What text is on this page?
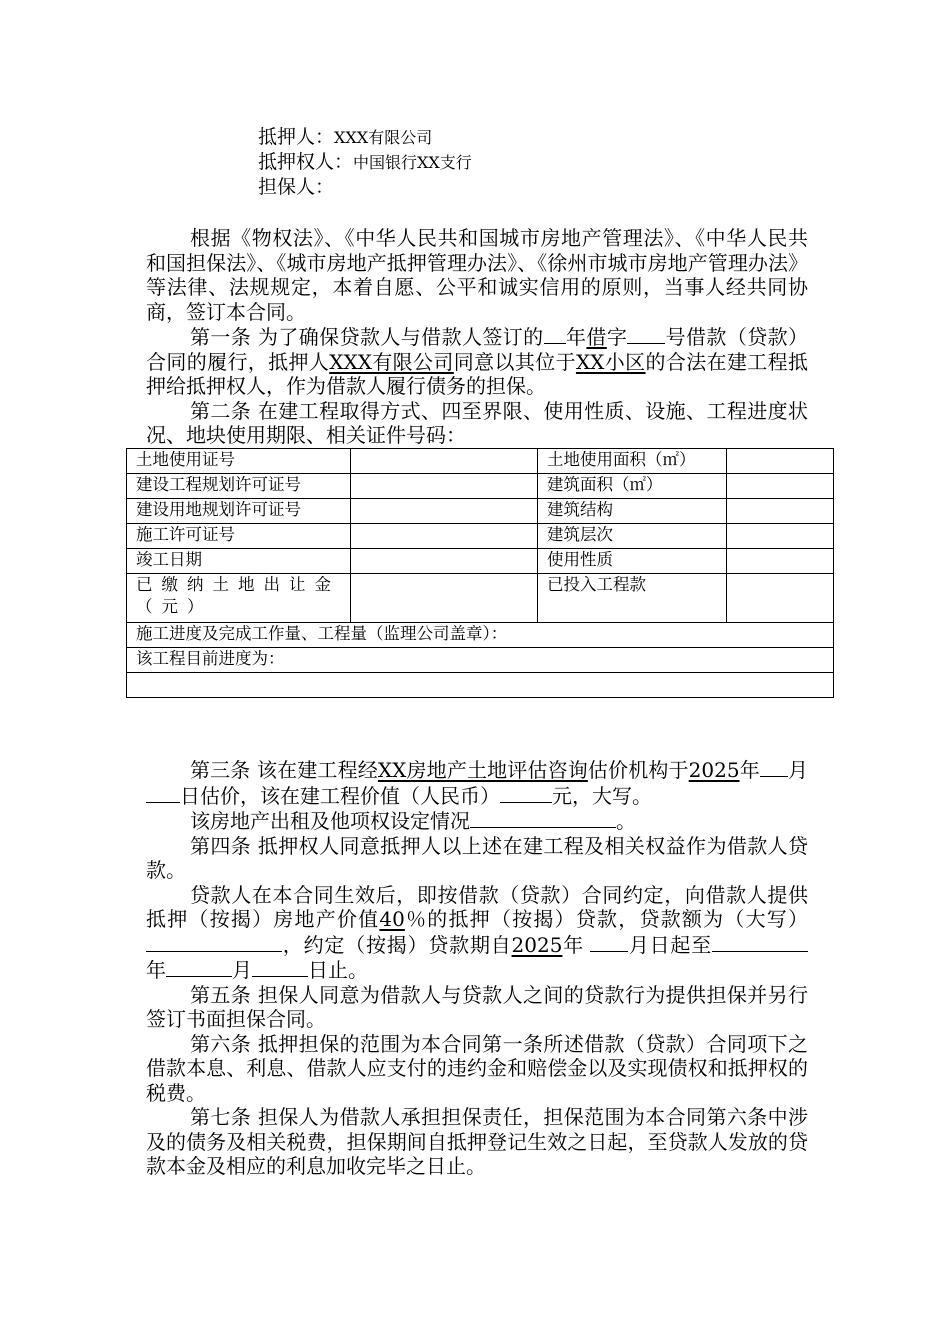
抵押人：XXX有限公司
抵押权人：中国银行XX支行
担保人：

根据《物权法》、《中华人民共和国城市房地产管理法》、《中华人民共和国担保法》、《城市房地产抵押管理办法》、《徐州市城市房地产管理办法》等法律、法规规定，本着自愿、公平和诚实信用的原则，当事人经共同协商，签订本合同。

第一条 为了确保贷款人与借款人签订的 年借字 号借款（贷款）合同的履行，抵押人XXX有限公司同意以其位于XX小区的合法在建工程抵押给抵押权人，作为借款人履行债务的担保。

第二条 在建工程取得方式、四至界限、使用性质、设施、工程进度状况、地块使用期限、相关证件号码：

土地使用证号		土地使用面积（㎡）	
建设工程规划许可证号		建筑面积（㎡）	
建设用地规划许可证号		建筑结构	
施工许可证号		建筑层次	
竣工日期		使用性质	
已缴纳土地出让金（元）		已投入工程款	
施工进度及完成工作量、工程量（监理公司盖章）：			
该工程目前进度为：			

第三条 该在建工程经XX房地产土地评估咨询估价机构于2025年 月日估价，该在建工程价值（人民币）	元，大写。

该房地产出租及他项权设定情况	。

第四条 抵押权人同意抵押人以上述在建工程及相关权益作为借款人贷款。

贷款人在本合同生效后，即按借款（贷款）合同约定，向借款人提供抵押（按揭）房地产价值40％的抵押（按揭）贷款，贷款额为（大写），约定（按揭）贷款期自2025年 月日起至年	月	日止。

第五条 担保人同意为借款人与贷款人之间的贷款行为提供担保并另行签订书面担保合同。

第六条 抵押担保的范围为本合同第一条所述借款（贷款）合同项下之借款本息、利息、借款人应支付的违约金和赔偿金以及实现债权和抵押权的税费。

第七条 担保人为借款人承担担保责任，担保范围为本合同第六条中涉及的债务及相关税费，担保期间自抵押登记生效之日起，至贷款人发放的贷款本金及相应的利息加收完毕之日止。
